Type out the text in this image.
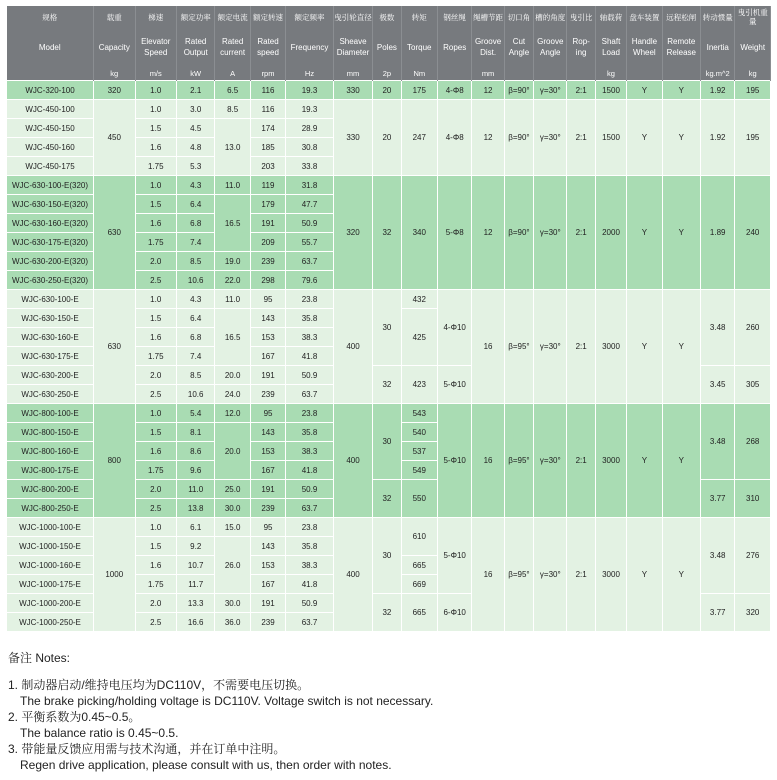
规格	载重	梯速	额定功率	额定电流	额定转速	额定频率	曳引轮直径	极数	转矩	钢丝绳	绳槽节距	切口角	槽的角度	曳引比	轴载荷	盘车装置	远程松闸	转动惯量	曳引机重量
Model	Capacity	Elevator Speed	Rated Output	Rated current	Rated speed	Frequency	Sheave Diameter	Poles	Torque	Ropes	Groove Dist.	Cut Angle	Groove Angle	Rop-ing	Shaft Load	Handle Wheel	Remote Release	Inertia	Weight
	kg	m/s	kW	A	rpm	Hz	mm	2p	Nm		mm				kg			kg.m^2	kg
WJC-320-100	320	1.0	2.1	6.5	116	19.3	330	20	175	4-Φ8	12	β=90°	γ=30°	2:1	1500	Y	Y	1.92	195
WJC-450-100	450	1.0	3.0	8.5	116	19.3	330	20	247	4-Φ8	12	β=90°	γ=30°	2:1	1500	Y	Y	1.92	195
WJC-450-150		1.5	4.5	13.0	174	28.9													
WJC-450-160		1.6	4.8		185	30.8													
WJC-450-175		1.75	5.3		203	33.8													
WJC-630-100-E(320)	630	1.0	4.3	11.0	119	31.8	320	32	340	5-Φ8	12	β=90°	γ=30°	2:1	2000	Y	Y	1.89	240
WJC-630-150-E(320)		1.5	6.4	16.5	179	47.7													
WJC-630-160-E(320)		1.6	6.8		191	50.9													
WJC-630-175-E(320)		1.75	7.4		209	55.7													
WJC-630-200-E(320)		2.0	8.5	19.0	239	63.7													
WJC-630-250-E(320)		2.5	10.6	22.0	298	79.6													
WJC-630-100-E	630	1.0	4.3	11.0	95	23.8	400	30	432	4-Φ10	16	β=95°	γ=30°	2:1	3000	Y	Y	3.48	260
WJC-630-150-E		1.5	6.4	16.5	143	35.8			425										
WJC-630-160-E		1.6	6.8		153	38.3													
WJC-630-175-E		1.75	7.4		167	41.8													
WJC-630-200-E		2.0	8.5	20.0	191	50.9		32	423	5-Φ10								3.45	305
WJC-630-250-E		2.5	10.6	24.0	239	63.7													
WJC-800-100-E	800	1.0	5.4	12.0	95	23.8	400	30	543	5-Φ10	16	β=95°	γ=30°	2:1	3000	Y	Y	3.48	268
WJC-800-150-E		1.5	8.1	20.0	143	35.8			540										
WJC-800-160-E		1.6	8.6		153	38.3			537										
WJC-800-175-E		1.75	9.6		167	41.8			549										
WJC-800-200-E		2.0	11.0	25.0	191	50.9		32	550									3.77	310
WJC-800-250-E		2.5	13.8	30.0	239	63.7													
WJC-1000-100-E	1000	1.0	6.1	15.0	95	23.8	400	30	610	5-Φ10	16	β=95°	γ=30°	2:1	3000	Y	Y	3.48	276
WJC-1000-150-E		1.5	9.2	26.0	143	35.8													
WJC-1000-160-E		1.6	10.7		153	38.3			665										
WJC-1000-175-E		1.75	11.7		167	41.8			669										
WJC-1000-200-E		2.0	13.3	30.0	191	50.9		32	665	6-Φ10								3.77	320
WJC-1000-250-E		2.5	16.6	36.0	239	63.7													
备注 Notes:
1. 制动器启动/维持电压均为DC110V，不需要电压切换。
The brake picking/holding voltage is DC110V. Voltage switch is not necessary.
2. 平衡系数为0.45~0.5。
The balance ratio is 0.45~0.5.
3. 带能量反馈应用需与技术沟通，并在订单中注明。
Regen drive application, please consult with us, then order with notes.
